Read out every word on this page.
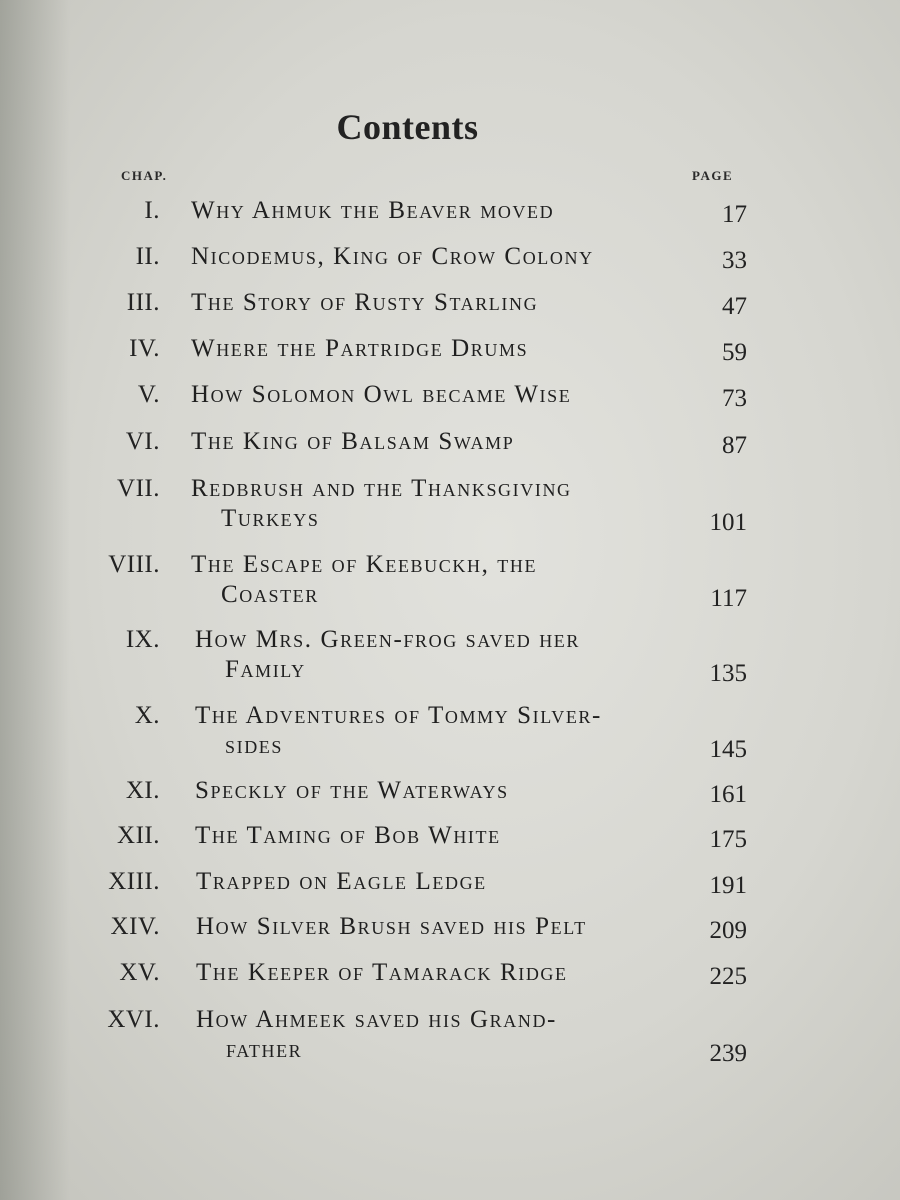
Contents
CHAP.	PAGE
I. Why Ahmuk the Beaver moved	17
II. Nicodemus, King of Crow Colony	33
III. The Story of Rusty Starling	47
IV. Where the Partridge Drums	59
V. How Solomon Owl became Wise	73
VI. The King of Balsam Swamp	87
VII. Redbrush and the Thanksgiving
Turkeys	101
VIII. The Escape of Keebuckh, the
Coaster	117
IX. How Mrs. Green-frog saved her
Family	135
X. The Adventures of Tommy Silver-
sides	145
XI. Speckly of the Waterways	161
XII. The Taming of Bob White	175
XIII. Trapped on Eagle Ledge	191
XIV. How Silver Brush saved his Pelt	209
XV. The Keeper of Tamarack Ridge	225
XVI. How Ahmeek saved his Grand-
father	239
